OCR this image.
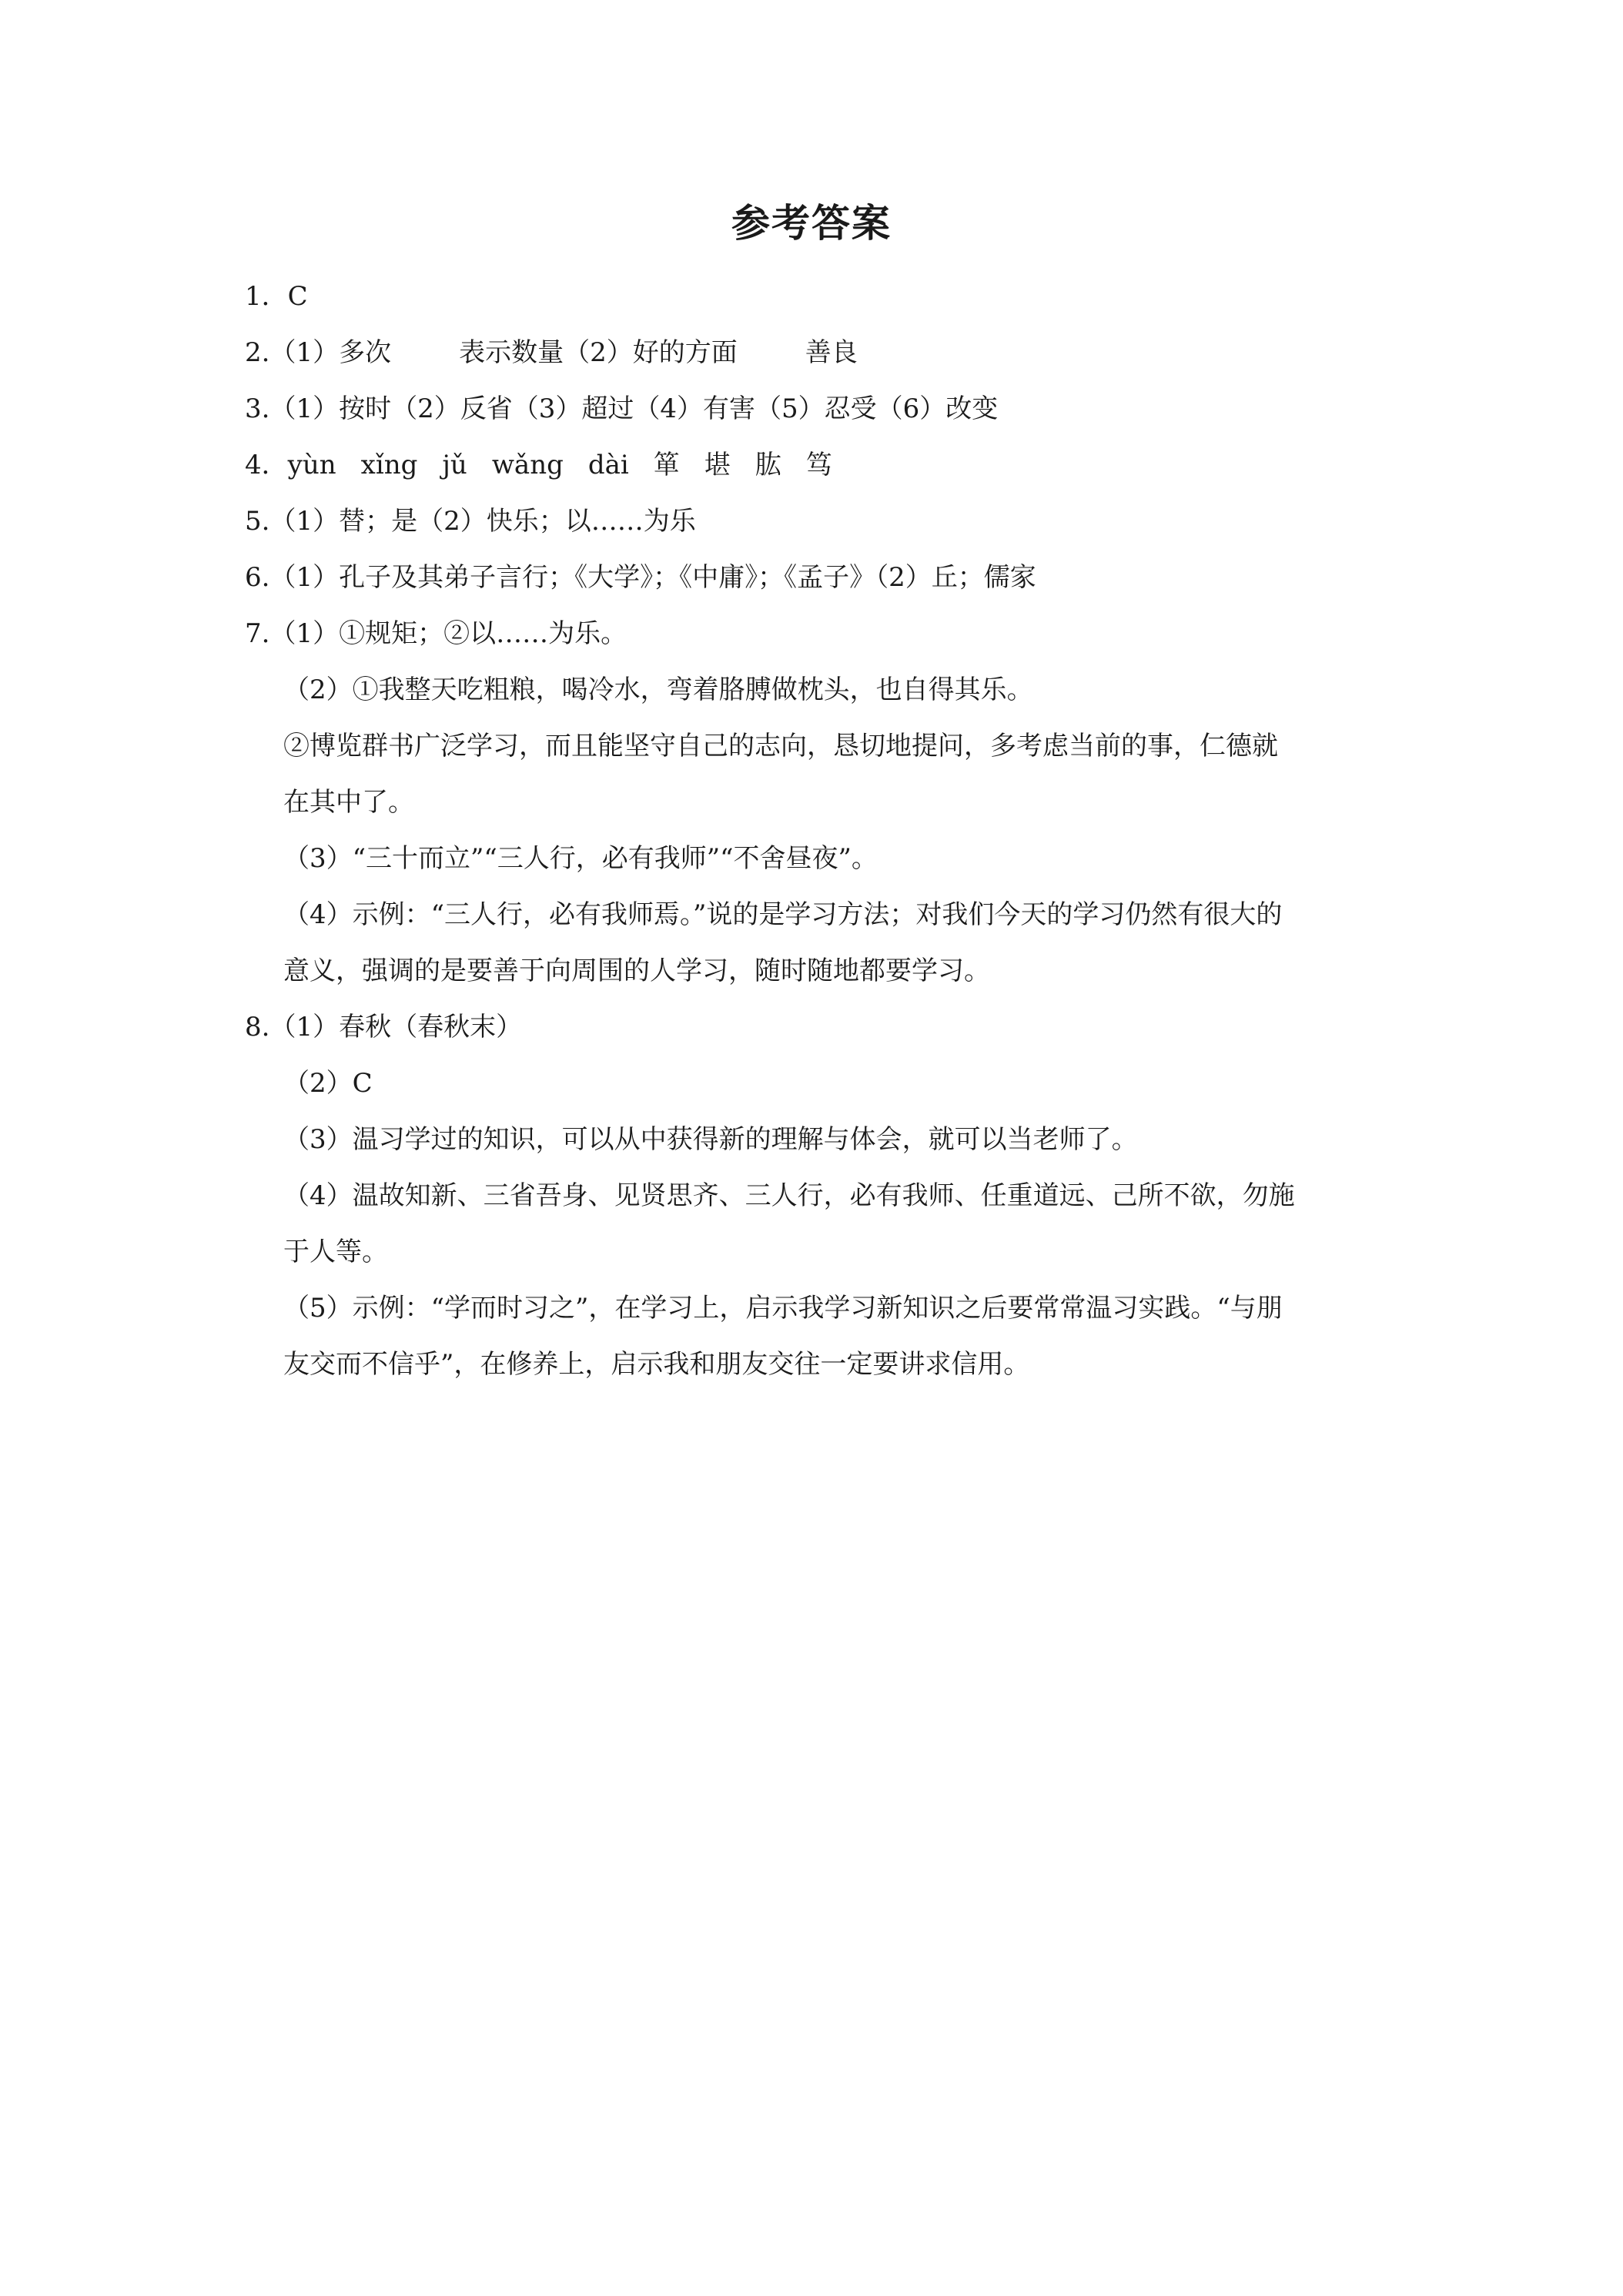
参考答案
1．C
2.（1）多次	表示数量（2）好的方面	善良
3.（1）按时（2）反省（3）超过（4）有害（5）忍受（6）改变
4．yùn xǐng jǔ wǎng dài 箪 堪 肱 笃
5.（1）替；是（2）快乐；以……为乐
6.（1）孔子及其弟子言行；《大学》；《中庸》；《孟子》（2）丘；儒家
7.（1）①规矩；②以……为乐。
（2）①我整天吃粗粮，喝冷水，弯着胳膊做枕头，也自得其乐。
②博览群书广泛学习，而且能坚守自己的志向，恳切地提问，多考虑当前的事，仁德就
在其中了。
（3）“三十而立”“三人行，必有我师”“不舍昼夜”。
（4）示例：“三人行，必有我师焉。”说的是学习方法；对我们今天的学习仍然有很大的
意义，强调的是要善于向周围的人学习，随时随地都要学习。
8.（1）春秋（春秋末）
（2）C
（3）温习学过的知识，可以从中获得新的理解与体会，就可以当老师了。
（4）温故知新、三省吾身、见贤思齐、三人行，必有我师、任重道远、己所不欲，勿施
于人等。
（5）示例：“学而时习之”，在学习上，启示我学习新知识之后要常常温习实践。“与朋
友交而不信乎”，在修养上，启示我和朋友交往一定要讲求信用。
